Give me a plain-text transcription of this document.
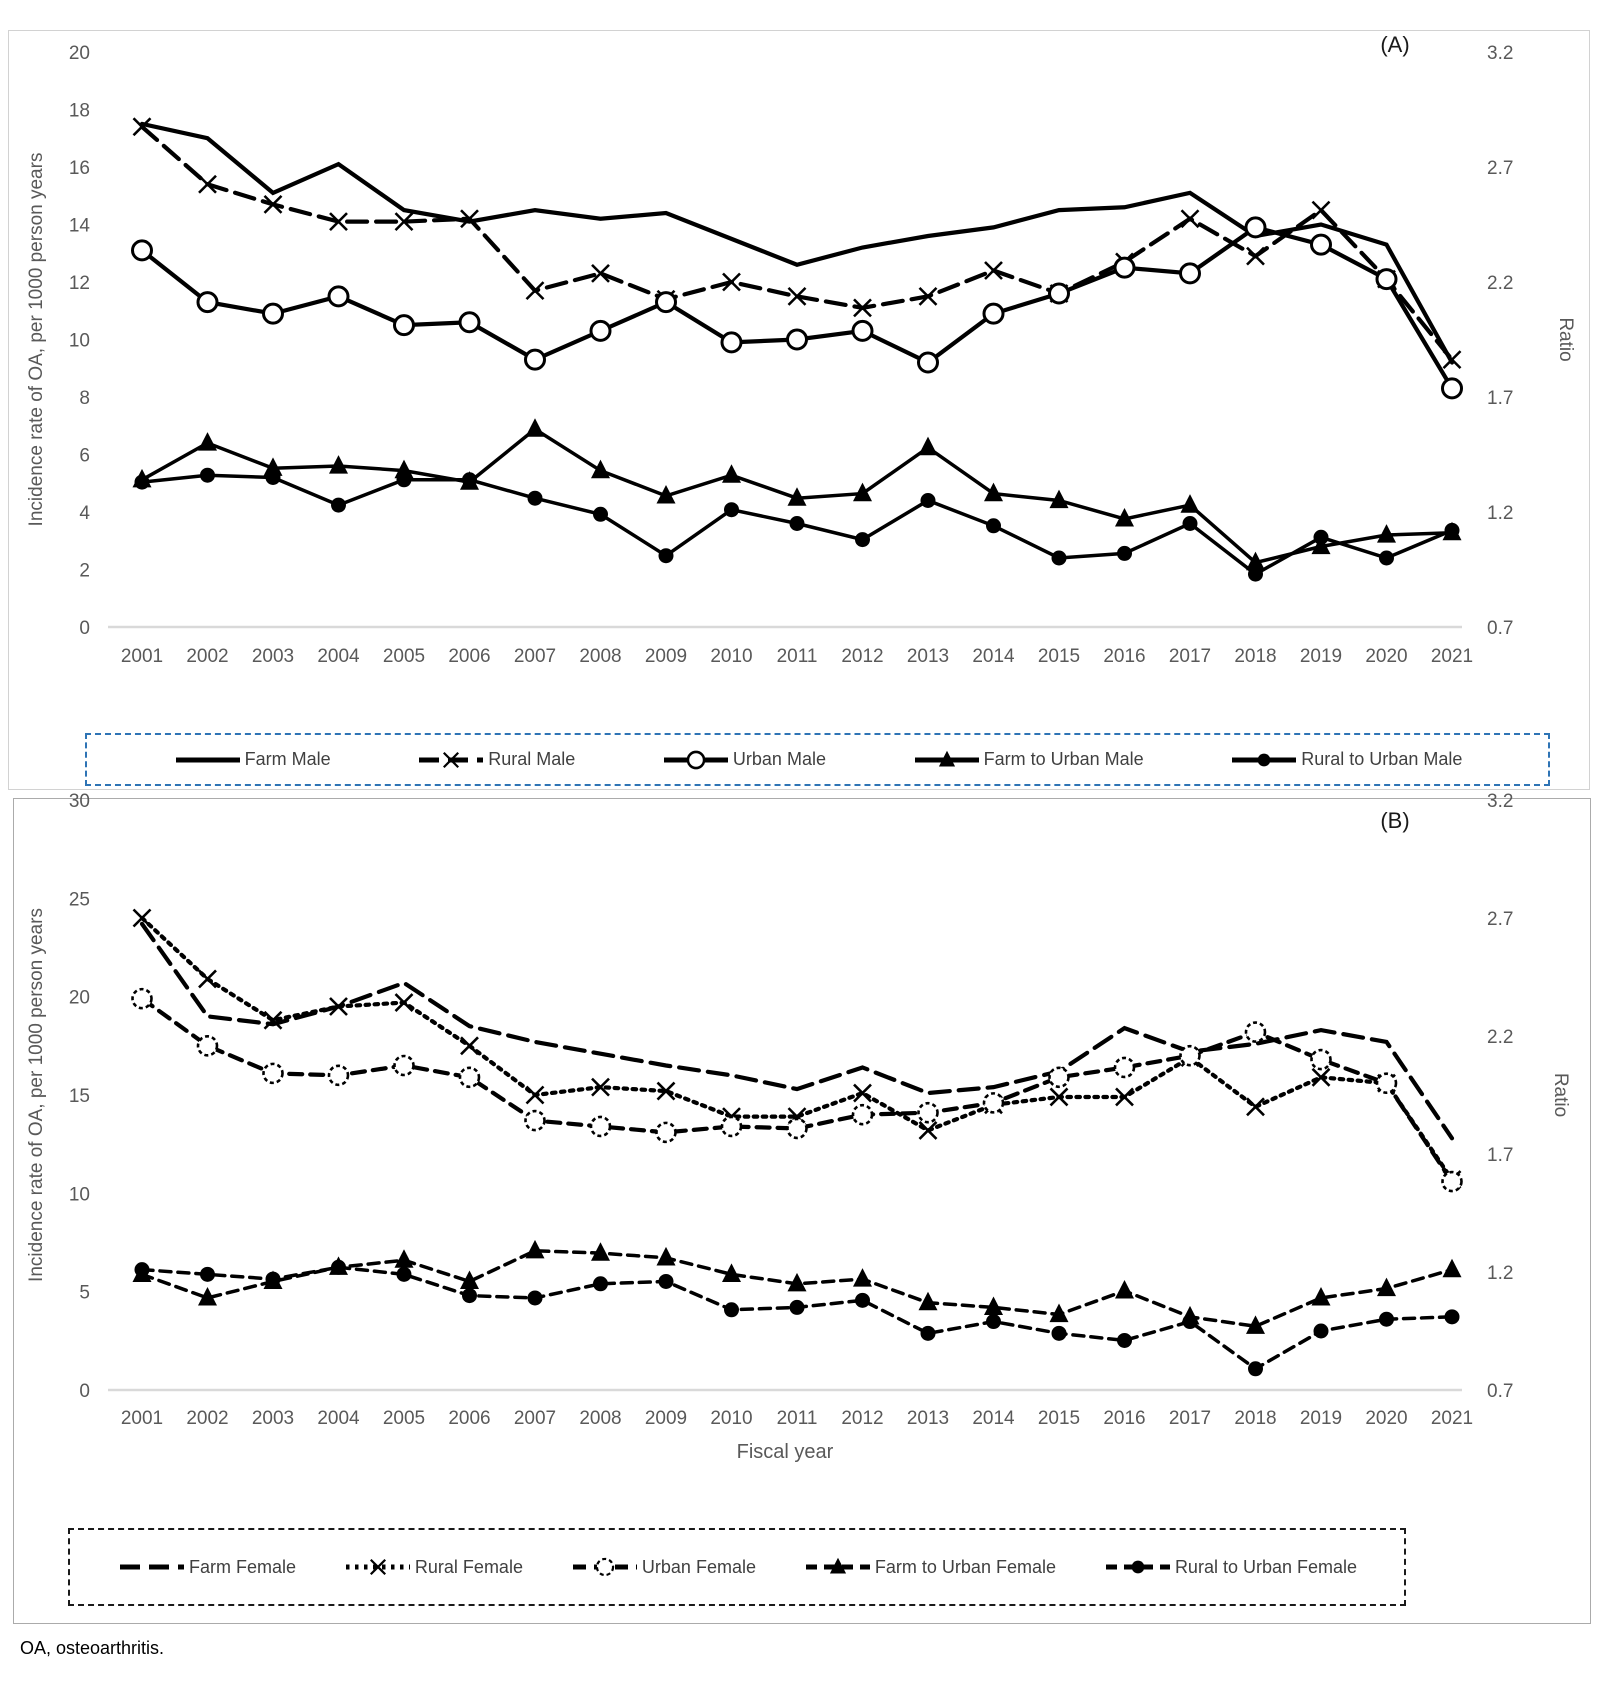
0
2
4
6
8
10
12
14
16
18
20
0.7
1.2
1.7
2.2
2.7
3.2
2001 2002 2003 2004 2005 2006 2007 2008 2009 2010 2011 2012 2013 2014 2015 2016 2017 2018 2019 2020 2021
Incidence rate of OA, per 1000 person years	Ratio
(A)
0
5
10
15
20
25
30
0.7
1.2
1.7
2.2
2.7
3.2
2001 2002 2003 2004 2005 2006 2007 2008 2009 2010 2011 2012 2013 2014 2015 2016 2017 2018 2019 2020 2021
Incidence rate of OA, per 1000 person years	Ratio
Fiscal year
(B)
Farm Male	Rural Male	Urban Male	Farm to Urban Male	Rural to Urban Male
Farm Female	Rural Female	Urban Female	Farm to Urban Female	Rural to Urban Female
OA, osteoarthritis.
